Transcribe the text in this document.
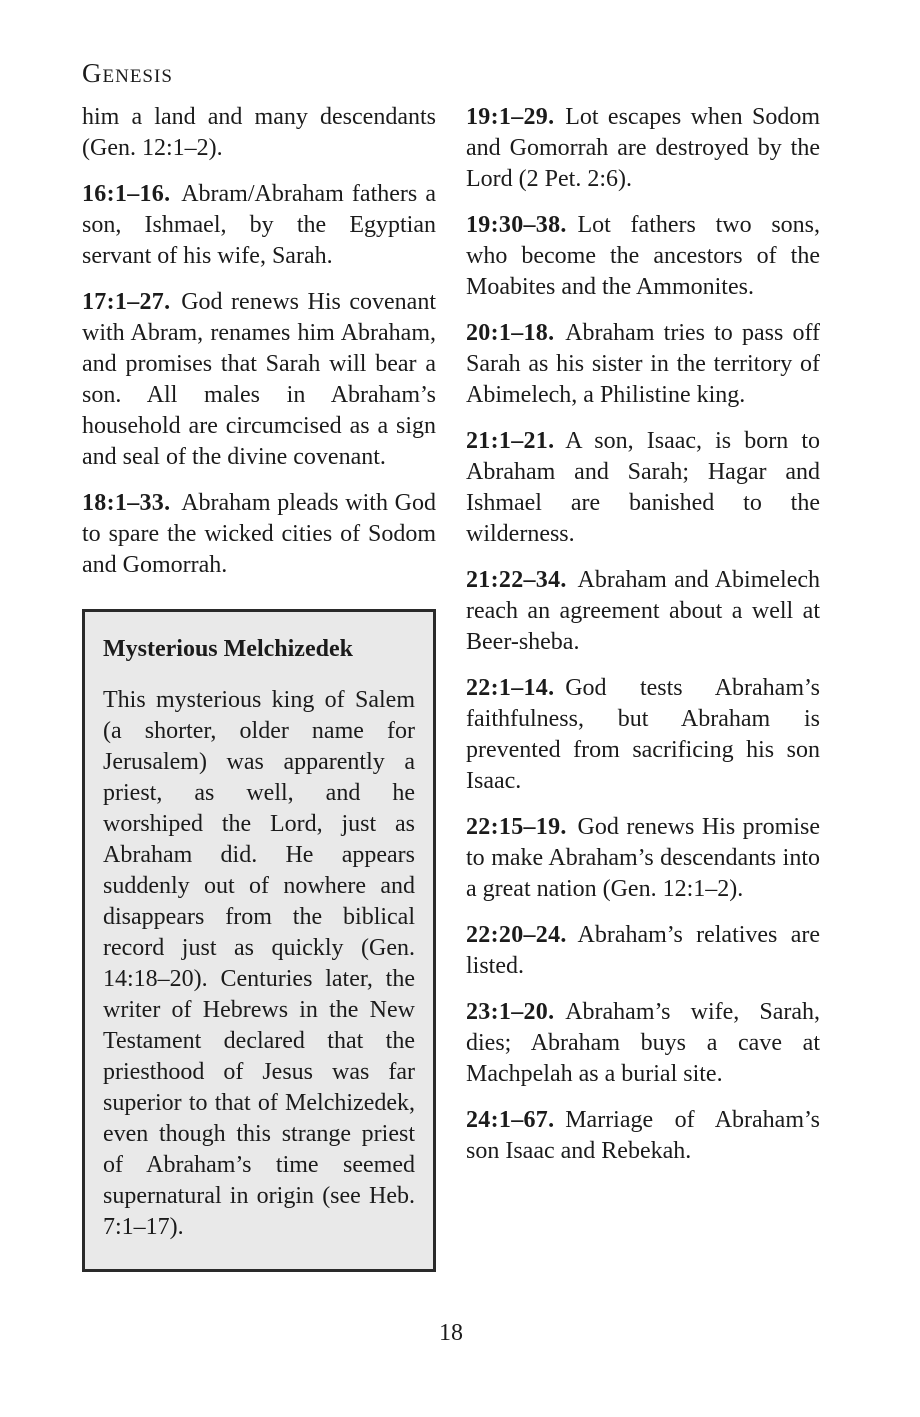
Genesis

him a land and many descendants (Gen. 12:1–2).

16:1–16. Abram/Abraham fathers a son, Ishmael, by the Egyptian servant of his wife, Sarah.

17:1–27. God renews His covenant with Abram, renames him Abraham, and promises that Sarah will bear a son. All males in Abraham’s household are circumcised as a sign and seal of the divine covenant.

18:1–33. Abraham pleads with God to spare the wicked cities of Sodom and Gomorrah.

Mysterious Melchizedek

This mysterious king of Salem (a shorter, older name for Jerusalem) was apparently a priest, as well, and he worshiped the Lord, just as Abraham did. He appears suddenly out of nowhere and disappears from the biblical record just as quickly (Gen. 14:18–20). Centuries later, the writer of Hebrews in the New Testament declared that the priesthood of Jesus was far superior to that of Melchizedek, even though this strange priest of Abraham’s time seemed supernatural in origin (see Heb. 7:1–17).

19:1–29. Lot escapes when Sodom and Gomorrah are destroyed by the Lord (2 Pet. 2:6).

19:30–38. Lot fathers two sons, who become the ancestors of the Moabites and the Ammonites.

20:1–18. Abraham tries to pass off Sarah as his sister in the territory of Abimelech, a Philistine king.

21:1–21. A son, Isaac, is born to Abraham and Sarah; Hagar and Ishmael are banished to the wilderness.

21:22–34. Abraham and Abimelech reach an agreement about a well at Beer-sheba.

22:1–14. God tests Abraham’s faithfulness, but Abraham is prevented from sacrificing his son Isaac.

22:15–19. God renews His promise to make Abraham’s descendants into a great nation (Gen. 12:1–2).

22:20–24. Abraham’s relatives are listed.

23:1–20. Abraham’s wife, Sarah, dies; Abraham buys a cave at Machpelah as a burial site.

24:1–67. Marriage of Abraham’s son Isaac and Rebekah.

18
